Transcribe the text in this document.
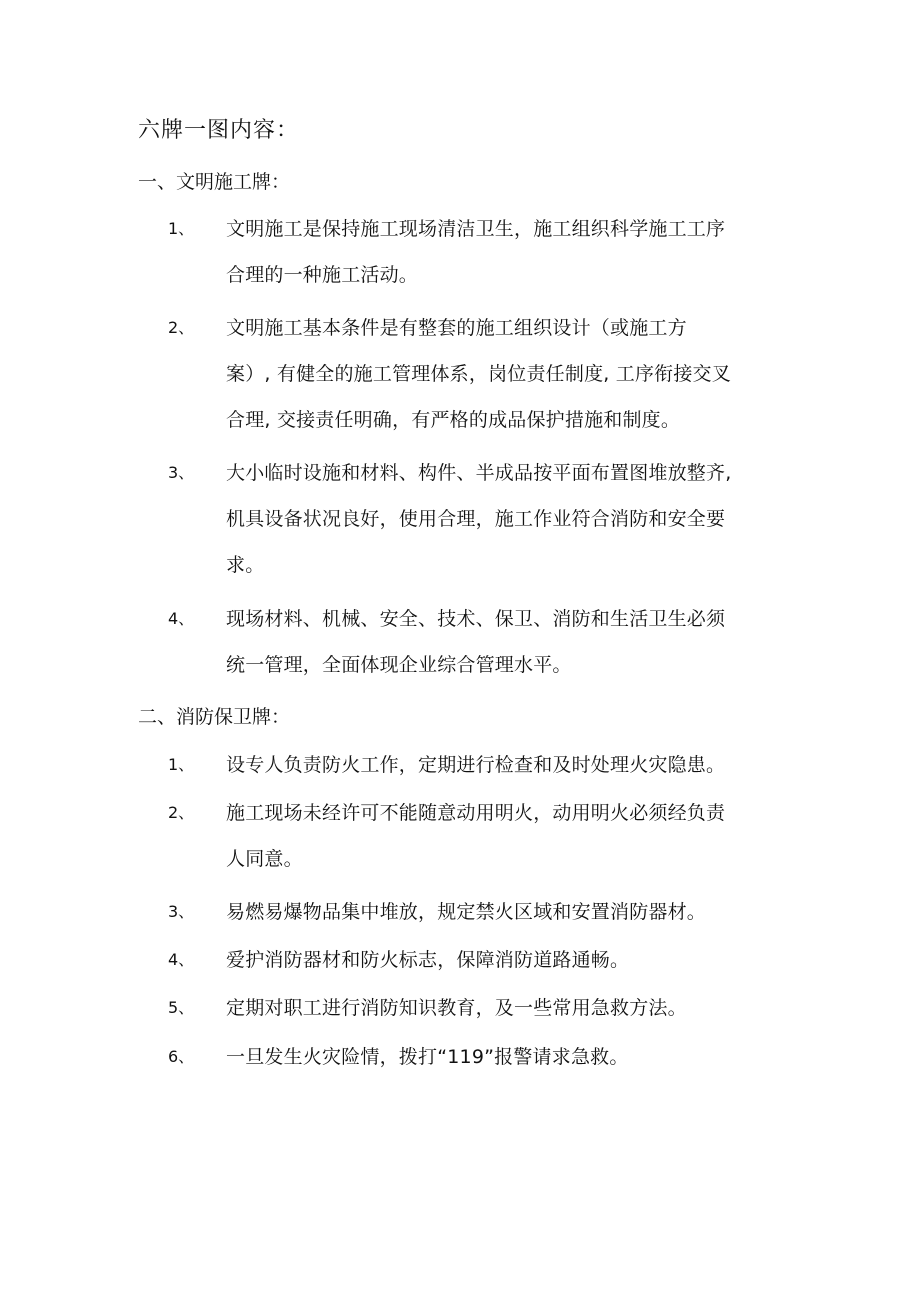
六牌一图内容：
一、文明施工牌：
1、	文明施工是保持施工现场清洁卫生，施工组织科学施工工序
合理的一种施工活动。
2、	文明施工基本条件是有整套的施工组织设计（或施工方
案）, 有健全的施工管理体系，岗位责任制度, 工序衔接交叉
合理, 交接责任明确，有严格的成品保护措施和制度。
3、	大小临时设施和材料、构件、半成品按平面布置图堆放整齐,
机具设备状况良好，使用合理，施工作业符合消防和安全要
求。
4、	现场材料、机械、安全、技术、保卫、消防和生活卫生必须
统一管理，全面体现企业综合管理水平。
二、消防保卫牌：
1、	设专人负责防火工作，定期进行检查和及时处理火灾隐患。
2、	施工现场未经许可不能随意动用明火，动用明火必须经负责
人同意。
3、	易燃易爆物品集中堆放，规定禁火区域和安置消防器材。
4、	爱护消防器材和防火标志，保障消防道路通畅。
5、	定期对职工进行消防知识教育，及一些常用急救方法。
6、	一旦发生火灾险情，拨打“119”报警请求急救。
